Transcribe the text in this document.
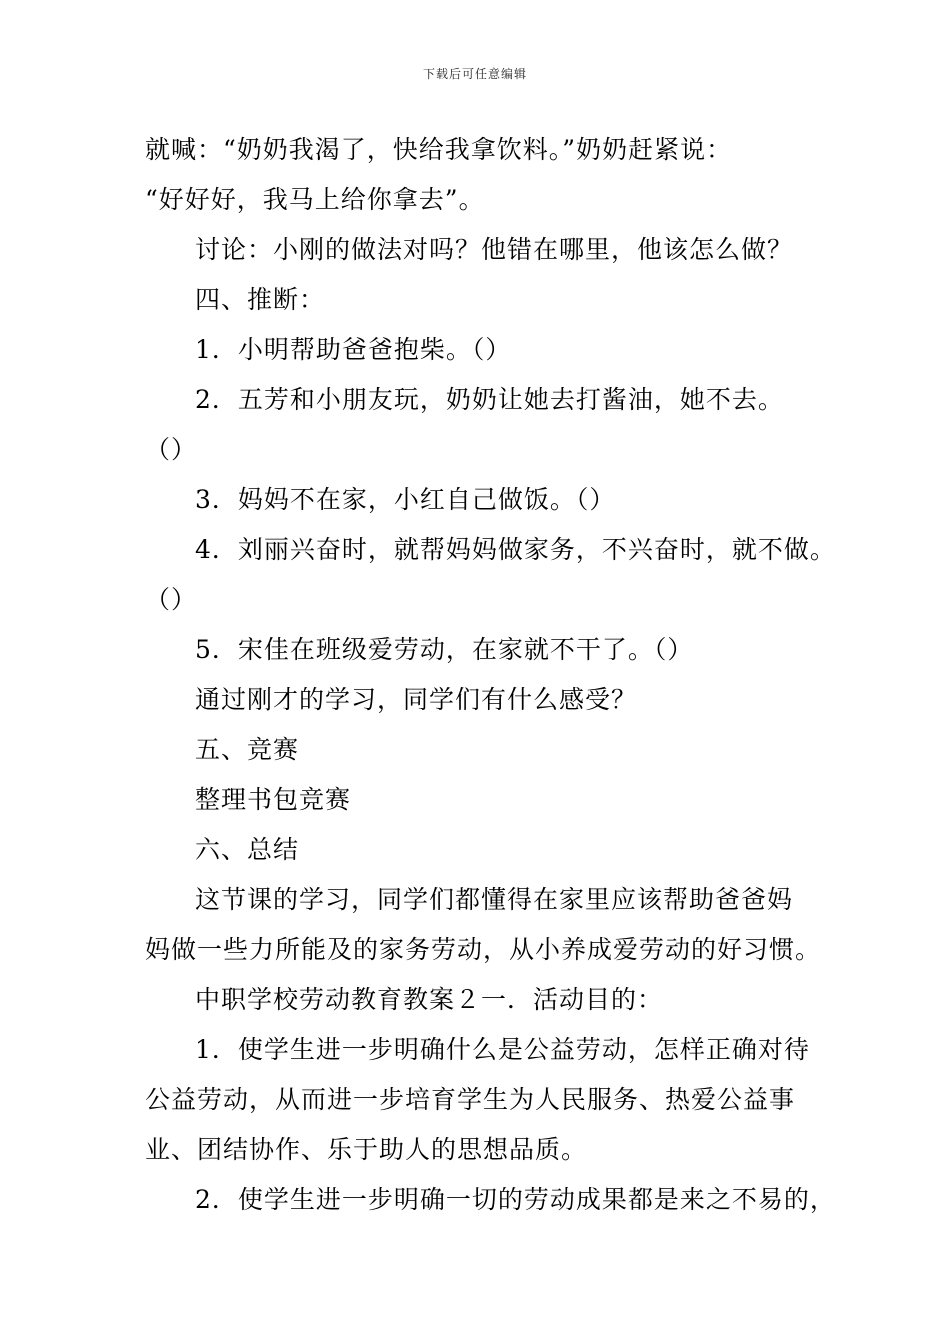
下载后可任意编辑
就喊：“奶奶我渴了，快给我拿饮料。”奶奶赶紧说：
“好好好，我马上给你拿去”。
讨论：小刚的做法对吗？他错在哪里，他该怎么做？
四、推断：
1．小明帮助爸爸抱柴。（）
2．五芳和小朋友玩，奶奶让她去打酱油，她不去。
（）
3．妈妈不在家，小红自己做饭。（）
4．刘丽兴奋时，就帮妈妈做家务，不兴奋时，就不做。
（）
5．宋佳在班级爱劳动，在家就不干了。（）
通过刚才的学习，同学们有什么感受？
五、竞赛
整理书包竞赛
六、总结
这节课的学习，同学们都懂得在家里应该帮助爸爸妈
妈做一些力所能及的家务劳动，从小养成爱劳动的好习惯。
中职学校劳动教育教案２一．活动目的：
1．使学生进一步明确什么是公益劳动，怎样正确对待
公益劳动，从而进一步培育学生为人民服务、热爱公益事
业、团结协作、乐于助人的思想品质。
2．使学生进一步明确一切的劳动成果都是来之不易的，
